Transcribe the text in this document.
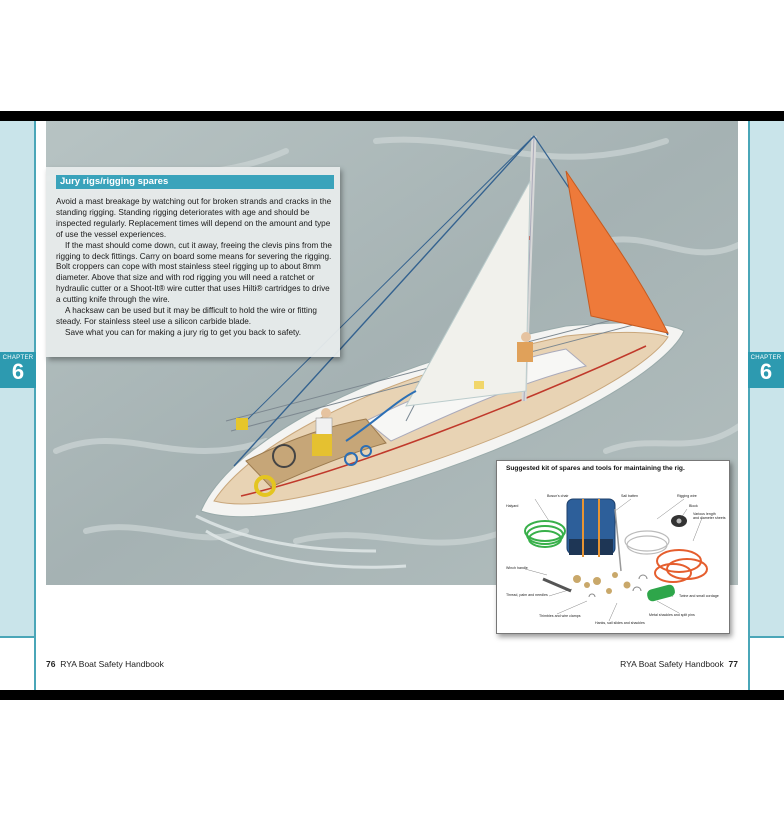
CHAPTER
6
CHAPTER
6
Jury rigs/rigging spares

Avoid a mast breakage by watching out for broken strands and cracks in the standing rigging. Standing rigging deteriorates with age and should be inspected regularly. Replacement times will depend on the amount and type of use the vessel experiences.

If the mast should come down, cut it away, freeing the clevis pins from the rigging to deck fittings. Carry on board some means for severing the rigging. Bolt croppers can cope with most stainless steel rigging up to about 8mm diameter. Above that size and with rod rigging you will need a ratchet or hydraulic cutter or a Shoot-It® wire cutter that uses Hilti® cartridges to drive a cutting knife through the wire.

A hacksaw can be used but it may be difficult to hold the wire or fitting steady. For stainless steel use a silicon carbide blade.

Save what you can for making a jury rig to get you back to safety.

Suggested kit of spares and tools for maintaining the rig.
Bosun's chair	Sail batten	Rigging wire
Block
Halyard
Various length
and diameter sheets
Winch handle
Thread, palm and needles	Twine and small cordage
Metal shackles and split pins
Thimbles and wire clamps
Hanks, sail slides and shackles
76 RYA Boat Safety Handbook	RYA Boat Safety Handbook 77
